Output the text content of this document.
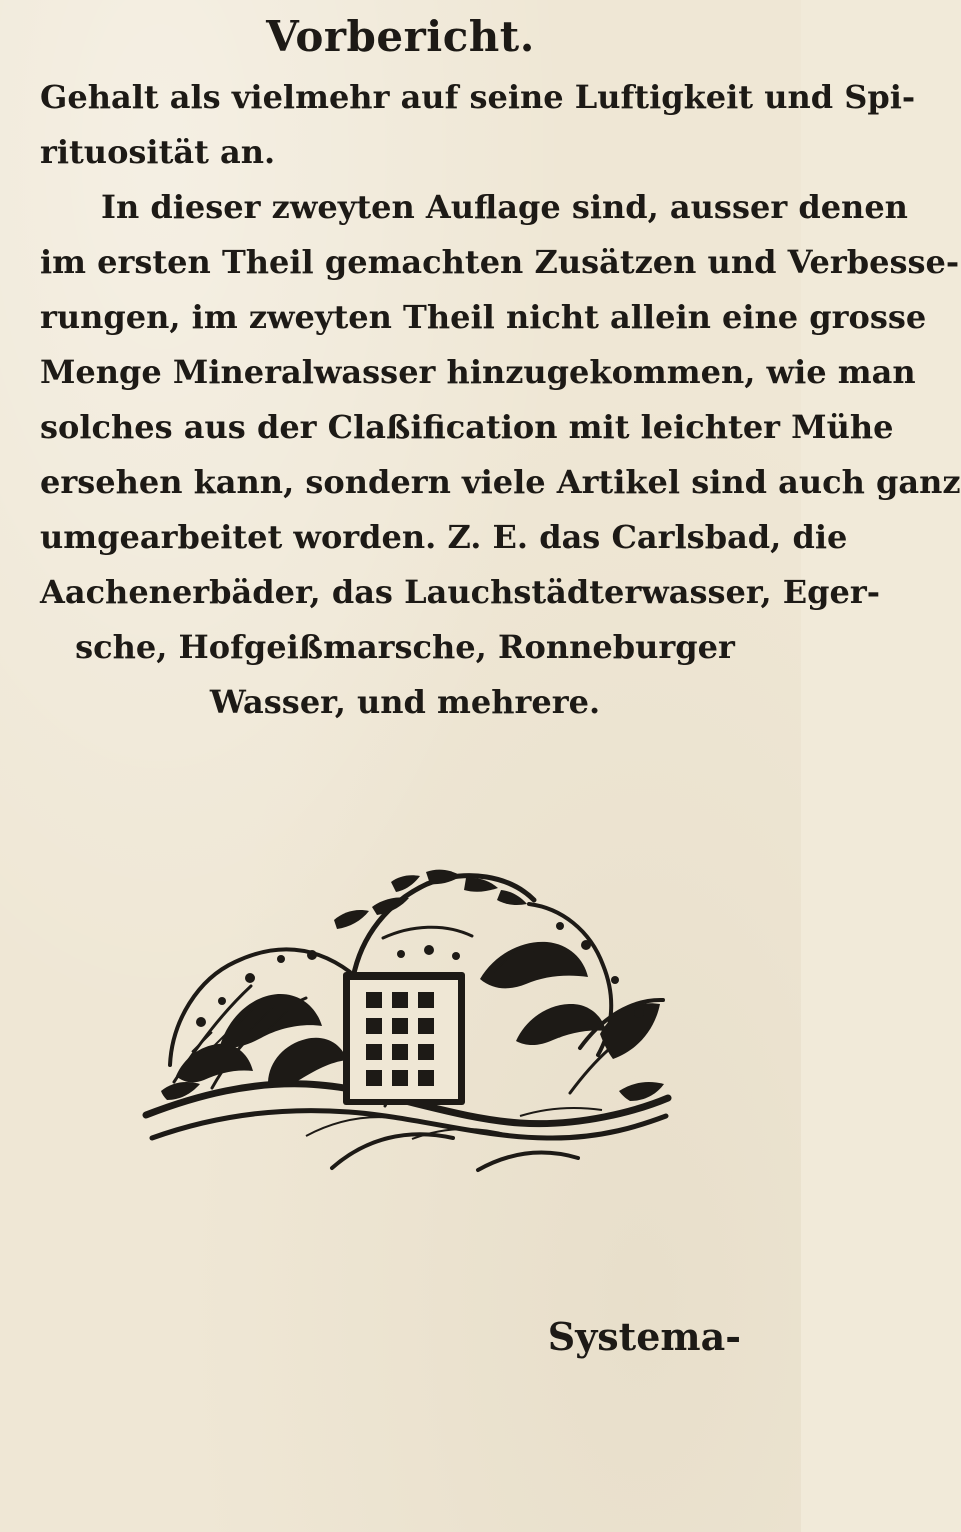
Vorbericht.
Gehalt als vielmehr auf seine Luftigkeit und Spi-
rituosität an.
In dieser zweyten Auflage sind, ausser denen
im ersten Theil gemachten Zusätzen und Verbesse-
rungen, im zweyten Theil nicht allein eine grosse
Menge Mineralwasser hinzugekommen, wie man
solches aus der Claßification mit leichter Mühe
ersehen kann, sondern viele Artikel sind auch ganz
umgearbeitet worden. Z. E. das Carlsbad, die
Aachenerbäder, das Lauchstädterwasser, Eger-
sche, Hofgeißmarsche, Ronneburger
Wasser, und mehrere.
Systema-
